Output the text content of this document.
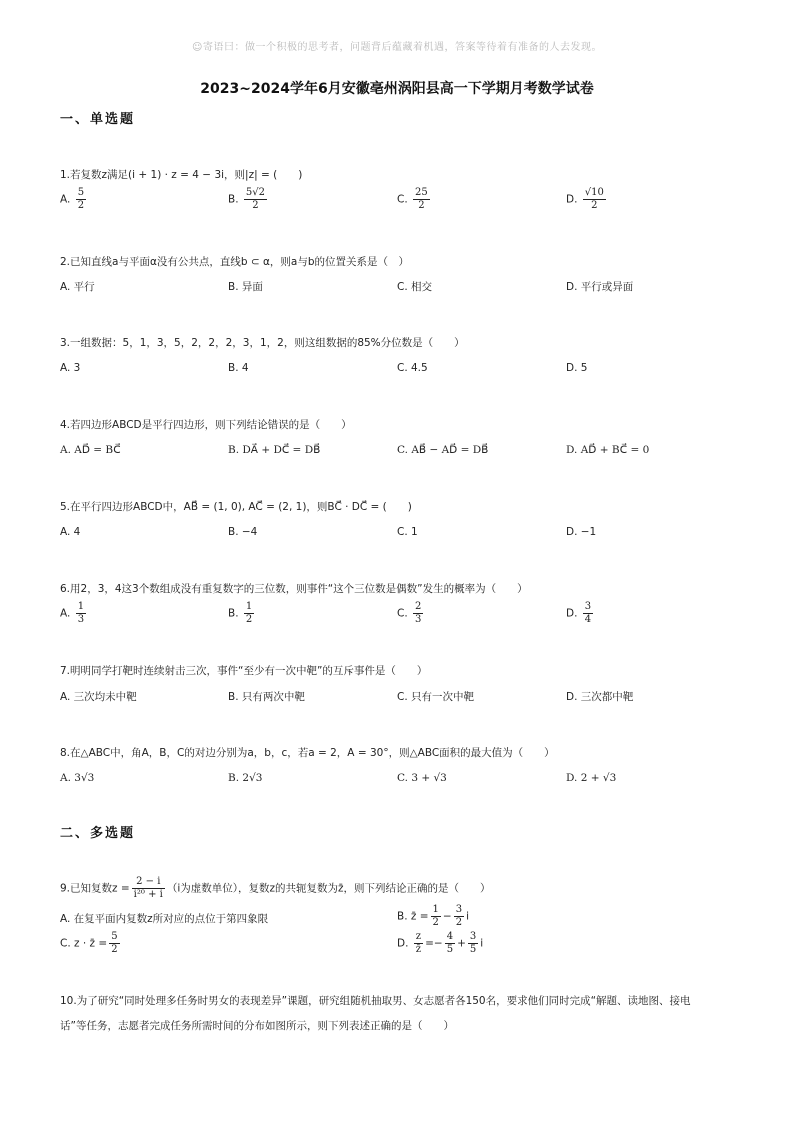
☺寄语曰：做一个积极的思考者，问题背后蕴藏着机遇，答案等待着有准备的人去发现。
2023~2024学年6月安徽亳州涡阳县高一下学期月考数学试卷
一、单选题
1.若复数z满足(i + 1) · z = 4 − 3i，则|z| = (　　)
A. $\frac{5}{2}$	B. $\frac{5√2}{2}$	C. $\frac{25}{2}$	D. $\frac{√10}{2}$
2.已知直线a与平面α没有公共点，直线b ⊂ α，则a与b的位置关系是（　）
A. 平行	B. 异面	C. 相交	D. 平行或异面
3.一组数据：5，1，3，5，2，2，2，3，1，2，则这组数据的85%分位数是（　　）
A. 3	B. 4	C. 4.5	D. 5
4.若四边形ABCD是平行四边形，则下列结论错误的是（　　）
A. AD⃗ = BC⃗	B. DA⃗ + DC⃗ = DB⃗	C. AB⃗ − AD⃗ = DB⃗	D. AD⃗ + BC⃗ = 0
5.在平行四边形ABCD中，AB⃗ = (1, 0), AC⃗ = (2, 1)，则BC⃗ · DC⃗ = (　　)
A. 4	B. −4	C. 1	D. −1
6.用2，3，4这3个数组成没有重复数字的三位数，则事件“这个三位数是偶数”发生的概率为（　　）
A. $\frac{1}{3}$	B. $\frac{1}{2}$	C. $\frac{2}{3}$	D. $\frac{3}{4}$
7.明明同学打靶时连续射击三次，事件“至少有一次中靶”的互斥事件是（　　）
A. 三次均未中靶	B. 只有两次中靶	C. 只有一次中靶	D. 三次都中靶
8.在△ABC中，角A，B，C的对边分别为a，b，c，若a = 2，A = 30°，则△ABC面积的最大值为（　　）
A. 3√3	B. 2√3	C. 3 + √3	D. 2 + √3
二、多选题
9.已知复数$z = \frac{2 - i}{\text{i²⁰ + i}} (i$为虚数单位），复数z的共轭复数为z̄，则下列结论正确的是（　　）
A. 在复平面内复数z所对应的点位于第四象限	B. z̄ = $\frac{1}{2} - \frac{3}{2}$ i
C. z · z̄ = $\frac{5}{2}$	D. $\frac{z}{z̄} =- \frac{4}{5} + \frac{3}{5}$ i
10.为了研究“同时处理多任务时男女的表现差异”课题，研究组随机抽取男、女志愿者各150名，要求他们同时完成“解题、读地图、接电
话”等任务，志愿者完成任务所需时间的分布如图所示，则下列表述正确的是（　　）
